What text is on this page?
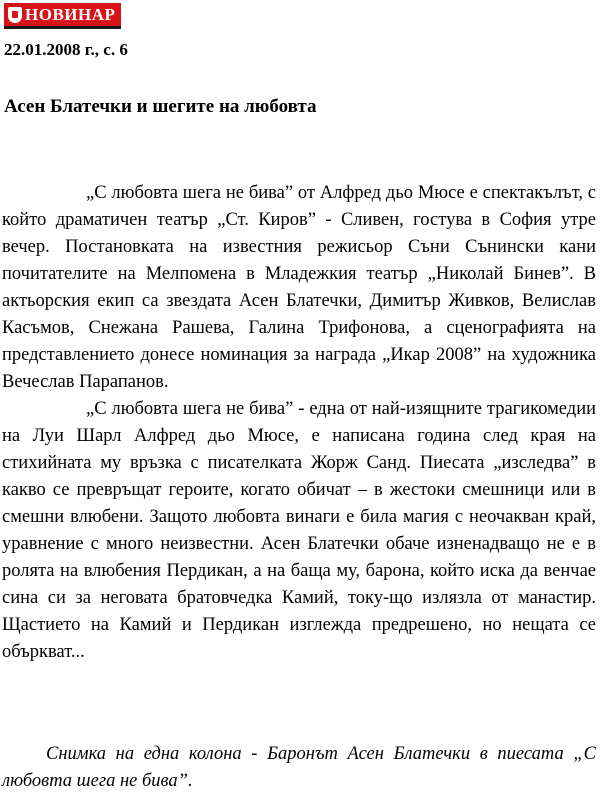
НОВИНАР
22.01.2008 г., с. 6
Асен Блатечки и шегите на любовта

„С любовта шега не бива” от Алфред дьо Мюсе е спектакълът, с който драматичен театър „Ст. Киров” - Сливен, гостува в София утре вечер. Постановката на известния режисьор Съни Сънински кани почитателите на Мелпомена в Младежкия театър „Николай Бинев”. В актьорския екип са звездата Асен Блатечки, Димитър Живков, Велислав Касъмов, Снежана Рашева, Галина Трифонова, а сценографията на представлението донесе номинация за награда „Икар 2008” на художника Вечеслав Парапанов.

„С любовта шега не бива” - една от най-изящните трагикомедии на Луи Шарл Алфред дьо Мюсе, е написана година след края на стихийната му връзка с писателката Жорж Санд. Пиесата „изследва” в какво се превръщат героите, когато обичат – в жестоки смешници или в смешни влюбени. Защото любовта винаги е била магия с неочакван край, уравнение с много неизвестни. Асен Блатечки обаче изненадващо не е в ролята на влюбения Пердикан, а на баща му, барона, който иска да венчае сина си за неговата братовчедка Камий, току-що излязла от манастир. Щастието на Камий и Пердикан изглежда предрешено, но нещата се объркват...

Снимка на една колона - Баронът Асен Блатечки в пиесата „С любовта шега не бива”.
